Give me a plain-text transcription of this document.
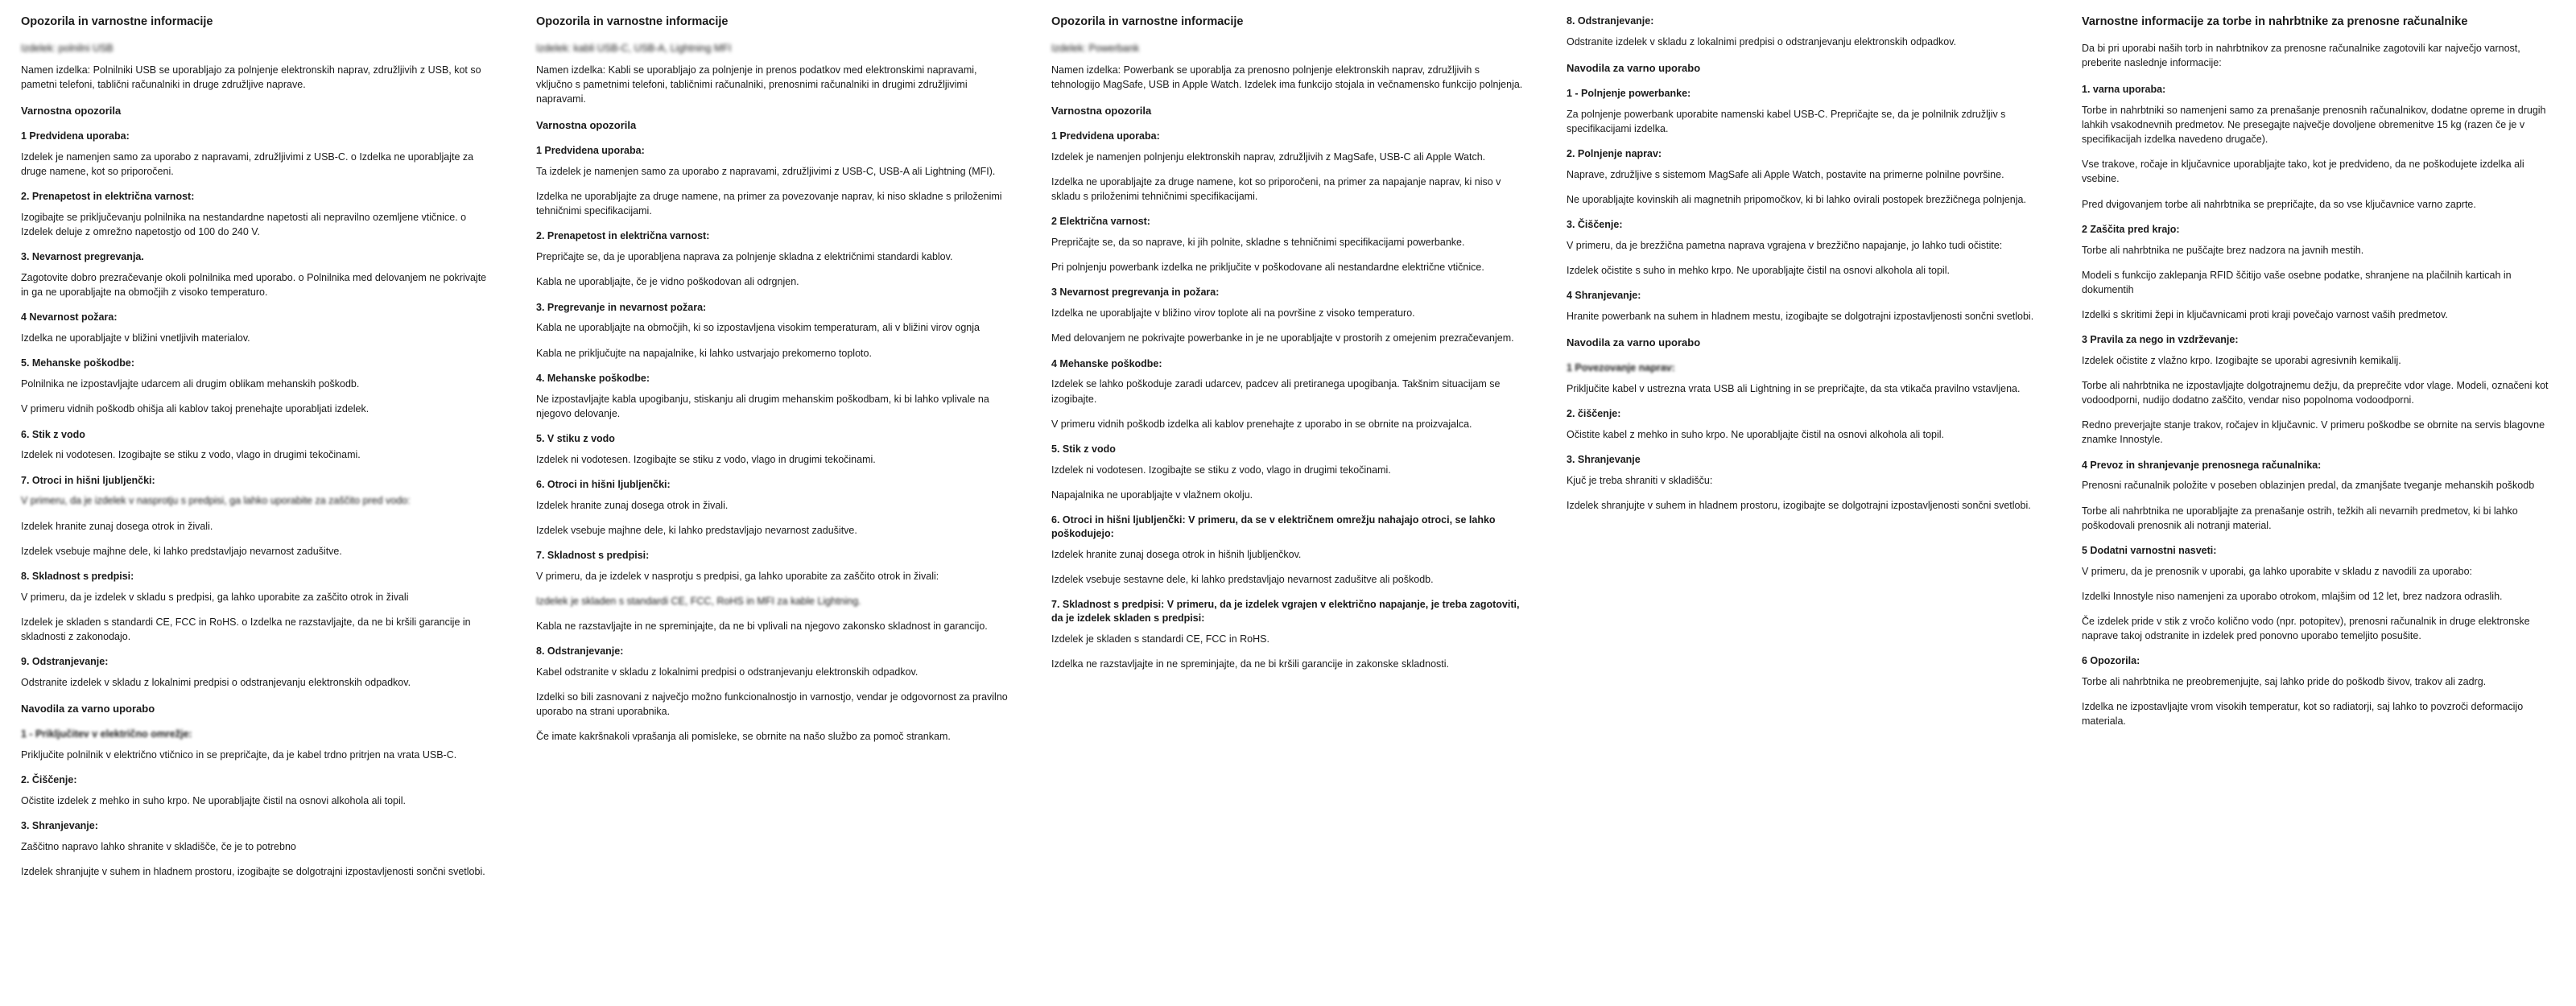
Opozorila in varnostne informacije

Izdelek: polnilni USB

Namen izdelka: Polnilniki USB se uporabljajo za polnjenje elektronskih naprav, združljivih z USB, kot so pametni telefoni, tablični računalniki in druge združljive naprave.

Varnostna opozorila
1 Predvidena uporaba:

Izdelek je namenjen samo za uporabo z napravami, združljivimi z USB-C. o Izdelka ne uporabljajte za druge namene, kot so priporočeni.

2. Prenapetost in električna varnost:

Izogibajte se priključevanju polnilnika na nestandardne napetosti ali nepravilno ozemljene vtičnice. o Izdelek deluje z omrežno napetostjo od 100 do 240 V.

3. Nevarnost pregrevanja.

Zagotovite dobro prezračevanje okoli polnilnika med uporabo. o Polnilnika med delovanjem ne pokrivajte in ga ne uporabljajte na območjih z visoko temperaturo.

4 Nevarnost požara:

Izdelka ne uporabljajte v bližini vnetljivih materialov.

5. Mehanske poškodbe:

Polnilnika ne izpostavljajte udarcem ali drugim oblikam mehanskih poškodb.

V primeru vidnih poškodb ohišja ali kablov takoj prenehajte uporabljati izdelek.

6. Stik z vodo

Izdelek ni vodotesen. Izogibajte se stiku z vodo, vlago in drugimi tekočinami.

7. Otroci in hišni ljubljenčki:

V primeru, da je izdelek v nasprotju s predpisi, ga lahko uporabite za zaščito pred vodo:

Izdelek hranite zunaj dosega otrok in živali.

Izdelek vsebuje majhne dele, ki lahko predstavljajo nevarnost zadušitve.

8. Skladnost s predpisi:

V primeru, da je izdelek v skladu s predpisi, ga lahko uporabite za zaščito otrok in živali

Izdelek je skladen s standardi CE, FCC in RoHS. o Izdelka ne razstavljajte, da ne bi kršili garancije in skladnosti z zakonodajo.

9. Odstranjevanje:

Odstranite izdelek v skladu z lokalnimi predpisi o odstranjevanju elektronskih odpadkov.

Navodila za varno uporabo
1 - Priključitev v električno omrežje:

Priključite polnilnik v električno vtičnico in se prepričajte, da je kabel trdno pritrjen na vrata USB-C.

2. Čiščenje:

Očistite izdelek z mehko in suho krpo. Ne uporabljajte čistil na osnovi alkohola ali topil.

3. Shranjevanje:

Zaščitno napravo lahko shranite v skladišče, če je to potrebno

Izdelek shranjujte v suhem in hladnem prostoru, izogibajte se dolgotrajni izpostavljenosti sončni svetlobi.

Opozorila in varnostne informacije

Izdelek: kabli USB-C, USB-A, Lightning MFI

Namen izdelka: Kabli se uporabljajo za polnjenje in prenos podatkov med elektronskimi napravami, vključno s pametnimi telefoni, tabličnimi računalniki, prenosnimi računalniki in drugimi združljivimi napravami.

Varnostna opozorila
1 Predvidena uporaba:

Ta izdelek je namenjen samo za uporabo z napravami, združljivimi z USB-C, USB-A ali Lightning (MFI).

Izdelka ne uporabljajte za druge namene, na primer za povezovanje naprav, ki niso skladne s priloženimi tehničnimi specifikacijami.

2. Prenapetost in električna varnost:

Prepričajte se, da je uporabljena naprava za polnjenje skladna z električnimi standardi kablov.

Kabla ne uporabljajte, če je vidno poškodovan ali odrgnjen.

3. Pregrevanje in nevarnost požara:

Kabla ne uporabljajte na območjih, ki so izpostavljena visokim temperaturam, ali v bližini virov ognja

Kabla ne priključujte na napajalnike, ki lahko ustvarjajo prekomerno toploto.

4. Mehanske poškodbe:

Ne izpostavljajte kabla upogibanju, stiskanju ali drugim mehanskim poškodbam, ki bi lahko vplivale na njegovo delovanje.

5. V stiku z vodo

Izdelek ni vodotesen. Izogibajte se stiku z vodo, vlago in drugimi tekočinami.

6. Otroci in hišni ljubljenčki:

Izdelek hranite zunaj dosega otrok in živali.

Izdelek vsebuje majhne dele, ki lahko predstavljajo nevarnost zadušitve.

7. Skladnost s predpisi:

V primeru, da je izdelek v nasprotju s predpisi, ga lahko uporabite za zaščito otrok in živali:

Izdelek je skladen s standardi CE, FCC, RoHS in MFI za kable Lightning.

Kabla ne razstavljajte in ne spreminjajte, da ne bi vplivali na njegovo zakonsko skladnost in garancijo.

8. Odstranjevanje:

Kabel odstranite v skladu z lokalnimi predpisi o odstranjevanju elektronskih odpadkov.

Izdelki so bili zasnovani z največjo možno funkcionalnostjo in varnostjo, vendar je odgovornost za pravilno uporabo na strani uporabnika.

Če imate kakršnakoli vprašanja ali pomisleke, se obrnite na našo službo za pomoč strankam.

Opozorila in varnostne informacije

Izdelek: Powerbank

Namen izdelka: Powerbank se uporablja za prenosno polnjenje elektronskih naprav, združljivih s tehnologijo MagSafe, USB in Apple Watch. Izdelek ima funkcijo stojala in večnamensko funkcijo polnjenja.

Varnostna opozorila
1 Predvidena uporaba:

Izdelek je namenjen polnjenju elektronskih naprav, združljivih z MagSafe, USB-C ali Apple Watch.

Izdelka ne uporabljajte za druge namene, kot so priporočeni, na primer za napajanje naprav, ki niso v skladu s priloženimi tehničnimi specifikacijami.

2 Električna varnost:

Prepričajte se, da so naprave, ki jih polnite, skladne s tehničnimi specifikacijami powerbanke.

Pri polnjenju powerbank izdelka ne priključite v poškodovane ali nestandardne električne vtičnice.

3 Nevarnost pregrevanja in požara:

Izdelka ne uporabljajte v bližino virov toplote ali na površine z visoko temperaturo.

Med delovanjem ne pokrivajte powerbanke in je ne uporabljajte v prostorih z omejenim prezračevanjem.

4 Mehanske poškodbe:

Izdelek se lahko poškoduje zaradi udarcev, padcev ali pretiranega upogibanja. Takšnim situacijam se izogibajte.

V primeru vidnih poškodb izdelka ali kablov prenehajte z uporabo in se obrnite na proizvajalca.

5. Stik z vodo

Izdelek ni vodotesen. Izogibajte se stiku z vodo, vlago in drugimi tekočinami.

Napajalnika ne uporabljajte v vlažnem okolju.

6. Otroci in hišni ljubljenčki: V primeru, da se v električnem omrežju nahajajo otroci, se lahko poškodujejo:

Izdelek hranite zunaj dosega otrok in hišnih ljubljenčkov.

Izdelek vsebuje sestavne dele, ki lahko predstavljajo nevarnost zadušitve ali poškodb.

7. Skladnost s predpisi: V primeru, da je izdelek vgrajen v električno napajanje, je treba zagotoviti, da je izdelek skladen s predpisi:

Izdelek je skladen s standardi CE, FCC in RoHS.

Izdelka ne razstavljajte in ne spreminjajte, da ne bi kršili garancije in zakonske skladnosti.

8. Odstranjevanje:

Odstranite izdelek v skladu z lokalnimi predpisi o odstranjevanju elektronskih odpadkov.

Navodila za varno uporabo
1 - Polnjenje powerbanke:

Za polnjenje powerbank uporabite namenski kabel USB-C. Prepričajte se, da je polnilnik združljiv s specifikacijami izdelka.

2. Polnjenje naprav:

Naprave, združljive s sistemom MagSafe ali Apple Watch, postavite na primerne polnilne površine.

Ne uporabljajte kovinskih ali magnetnih pripomočkov, ki bi lahko ovirali postopek brezžičnega polnjenja.

3. Čiščenje:

V primeru, da je brezžična pametna naprava vgrajena v brezžično napajanje, jo lahko tudi očistite:

Izdelek očistite s suho in mehko krpo. Ne uporabljajte čistil na osnovi alkohola ali topil.

4 Shranjevanje:

Hranite powerbank na suhem in hladnem mestu, izogibajte se dolgotrajni izpostavljenosti sončni svetlobi.

Navodila za varno uporabo
1 Povezovanje naprav:

Priključite kabel v ustrezna vrata USB ali Lightning in se prepričajte, da sta vtikača pravilno vstavljena.

2. čiščenje:

Očistite kabel z mehko in suho krpo. Ne uporabljajte čistil na osnovi alkohola ali topil.

3. Shranjevanje

Kjuč je treba shraniti v skladišču:

Izdelek shranjujte v suhem in hladnem prostoru, izogibajte se dolgotrajni izpostavljenosti sončni svetlobi.

Varnostne informacije za torbe in nahrbtnike za prenosne računalnike

Da bi pri uporabi naših torb in nahrbtnikov za prenosne računalnike zagotovili kar največjo varnost, preberite naslednje informacije:

1. varna uporaba:

Torbe in nahrbtniki so namenjeni samo za prenašanje prenosnih računalnikov, dodatne opreme in drugih lahkih vsakodnevnih predmetov. Ne presegajte največje dovoljene obremenitve 15 kg (razen če je v specifikacijah izdelka navedeno drugače).

Vse trakove, ročaje in ključavnice uporabljajte tako, kot je predvideno, da ne poškodujete izdelka ali vsebine.

Pred dvigovanjem torbe ali nahrbtnika se prepričajte, da so vse ključavnice varno zaprte.

2 Zaščita pred krajo:

Torbe ali nahrbtnika ne puščajte brez nadzora na javnih mestih.

Modeli s funkcijo zaklepanja RFID ščitijo vaše osebne podatke, shranjene na plačilnih karticah in dokumentih

Izdelki s skritimi žepi in ključavnicami proti kraji povečajo varnost vaših predmetov.

3 Pravila za nego in vzdrževanje:

Izdelek očistite z vlažno krpo. Izogibajte se uporabi agresivnih kemikalij.

Torbe ali nahrbtnika ne izpostavljajte dolgotrajnemu dežju, da preprečite vdor vlage. Modeli, označeni kot vodoodporni, nudijo dodatno zaščito, vendar niso popolnoma vodoodporni.

Redno preverjajte stanje trakov, ročajev in ključavnic. V primeru poškodbe se obrnite na servis blagovne znamke Innostyle.

4 Prevoz in shranjevanje prenosnega računalnika:

Prenosni računalnik položite v poseben oblazinjen predal, da zmanjšate tveganje mehanskih poškodb

Torbe ali nahrbtnika ne uporabljajte za prenašanje ostrih, težkih ali nevarnih predmetov, ki bi lahko poškodovali prenosnik ali notranji material.

5 Dodatni varnostni nasveti:

V primeru, da je prenosnik v uporabi, ga lahko uporabite v skladu z navodili za uporabo:

Izdelki Innostyle niso namenjeni za uporabo otrokom, mlajšim od 12 let, brez nadzora odraslih.

Če izdelek pride v stik z vročo količno vodo (npr. potopitev), prenosni računalnik in druge elektronske naprave takoj odstranite in izdelek pred ponovno uporabo temeljito posušite.

6 Opozorila:

Torbe ali nahrbtnika ne preobremenjujte, saj lahko pride do poškodb šivov, trakov ali zadrg.

Izdelka ne izpostavljajte vrom visokih temperatur, kot so radiatorji, saj lahko to povzroči deformacijo materiala.
